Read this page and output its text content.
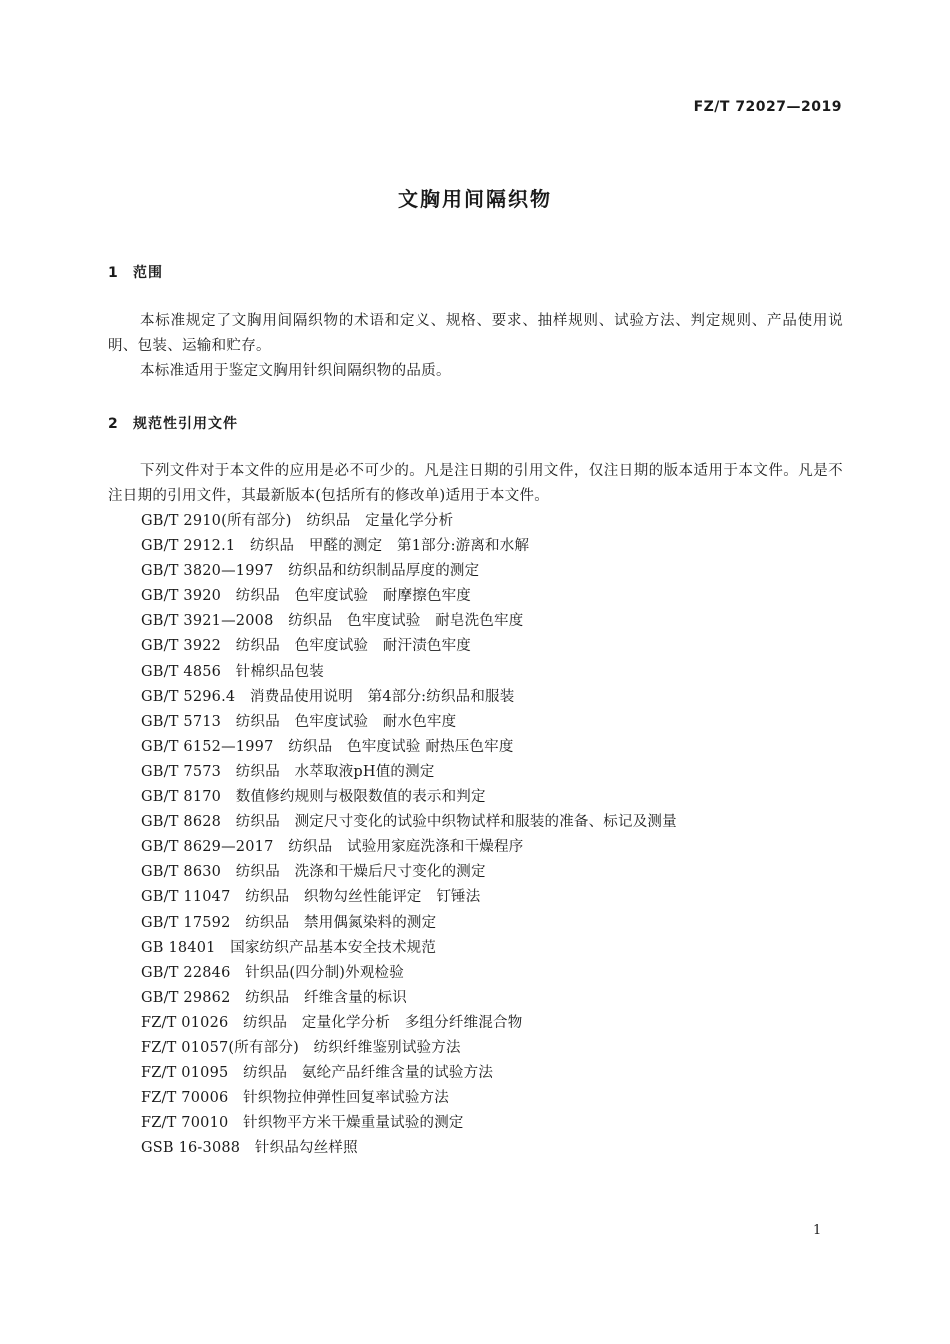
FZ/T 72027—2019
文胸用间隔织物
1 范围
本标准规定了文胸用间隔织物的术语和定义、规格、要求、抽样规则、试验方法、判定规则、产品使用说明、包装、运输和贮存。
本标准适用于鉴定文胸用针织间隔织物的品质。
2 规范性引用文件
下列文件对于本文件的应用是必不可少的。凡是注日期的引用文件，仅注日期的版本适用于本文件。凡是不注日期的引用文件，其最新版本(包括所有的修改单)适用于本文件。
GB/T 2910(所有部分)　纺织品　定量化学分析
GB/T 2912.1　纺织品　甲醛的测定　第1部分:游离和水解
GB/T 3820—1997　纺织品和纺织制品厚度的测定
GB/T 3920　纺织品　色牢度试验　耐摩擦色牢度
GB/T 3921—2008　纺织品　色牢度试验　耐皂洗色牢度
GB/T 3922　纺织品　色牢度试验　耐汗渍色牢度
GB/T 4856　针棉织品包装
GB/T 5296.4　消费品使用说明　第4部分:纺织品和服装
GB/T 5713　纺织品　色牢度试验　耐水色牢度
GB/T 6152—1997　纺织品　色牢度试验 耐热压色牢度
GB/T 7573　纺织品　水萃取液pH值的测定
GB/T 8170　数值修约规则与极限数值的表示和判定
GB/T 8628　纺织品　测定尺寸变化的试验中织物试样和服装的准备、标记及测量
GB/T 8629—2017　纺织品　试验用家庭洗涤和干燥程序
GB/T 8630　纺织品　洗涤和干燥后尺寸变化的测定
GB/T 11047　纺织品　织物勾丝性能评定　钉锤法
GB/T 17592　纺织品　禁用偶氮染料的测定
GB 18401　国家纺织产品基本安全技术规范
GB/T 22846　针织品(四分制)外观检验
GB/T 29862　纺织品　纤维含量的标识
FZ/T 01026　纺织品　定量化学分析　多组分纤维混合物
FZ/T 01057(所有部分)　纺织纤维鉴别试验方法
FZ/T 01095　纺织品　氨纶产品纤维含量的试验方法
FZ/T 70006　针织物拉伸弹性回复率试验方法
FZ/T 70010　针织物平方米干燥重量试验的测定
GSB 16-3088　针织品勾丝样照
1
